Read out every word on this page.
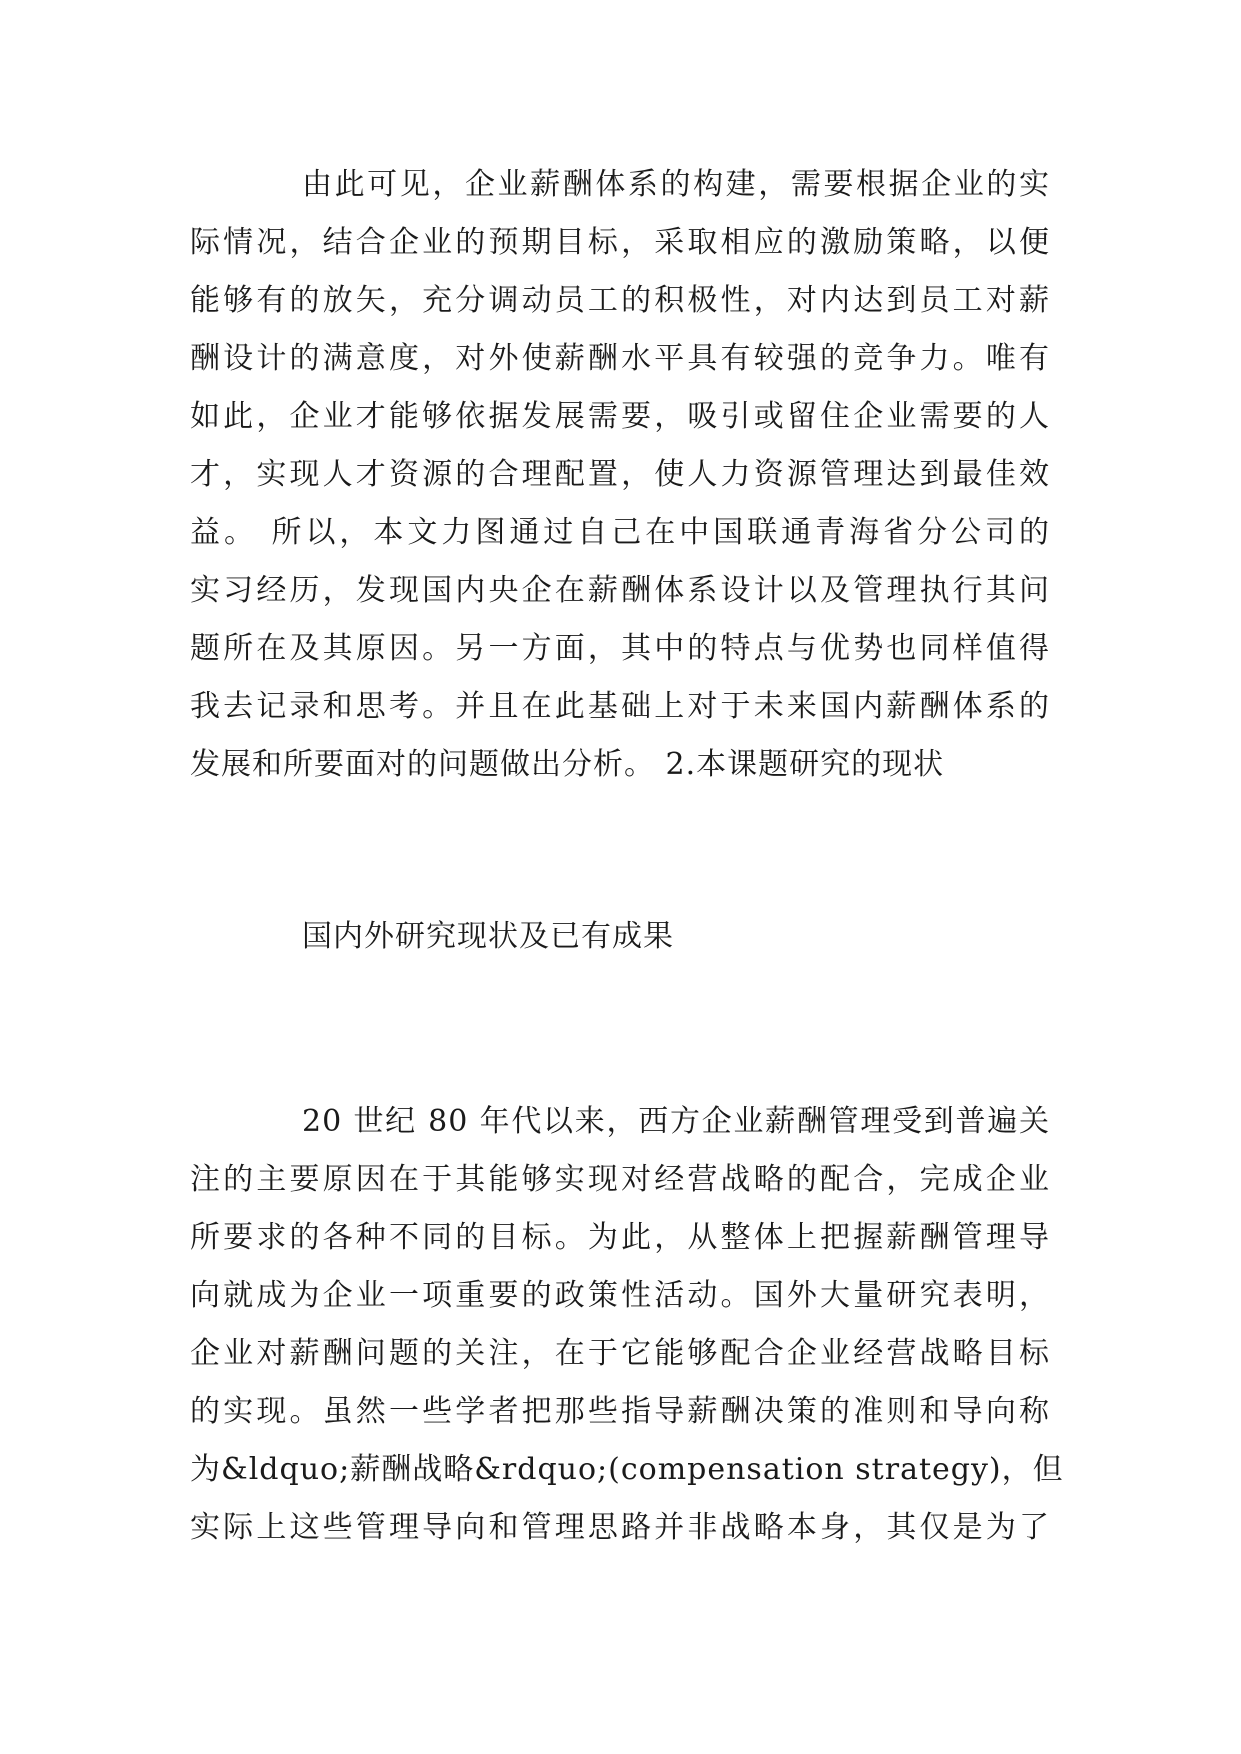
由此可见，企业薪酬体系的构建，需要根据企业的实
际情况，结合企业的预期目标，采取相应的激励策略，以便
能够有的放矢，充分调动员工的积极性，对内达到员工对薪
酬设计的满意度，对外使薪酬水平具有较强的竞争力。唯有
如此，企业才能够依据发展需要，吸引或留住企业需要的人
才，实现人才资源的合理配置，使人力资源管理达到最佳效
益。 所以，本文力图通过自己在中国联通青海省分公司的
实习经历，发现国内央企在薪酬体系设计以及管理执行其问
题所在及其原因。另一方面，其中的特点与优势也同样值得
我去记录和思考。并且在此基础上对于未来国内薪酬体系的
发展和所要面对的问题做出分析。 2.本课题研究的现状
国内外研究现状及已有成果
20 世纪 80 年代以来，西方企业薪酬管理受到普遍关
注的主要原因在于其能够实现对经营战略的配合，完成企业
所要求的各种不同的目标。为此，从整体上把握薪酬管理导
向就成为企业一项重要的政策性活动。国外大量研究表明，
企业对薪酬问题的关注，在于它能够配合企业经营战略目标
的实现。虽然一些学者把那些指导薪酬决策的准则和导向称
为&ldquo;薪酬战略&rdquo;(compensation strategy)，但
实际上这些管理导向和管理思路并非战略本身，其仅是为了
